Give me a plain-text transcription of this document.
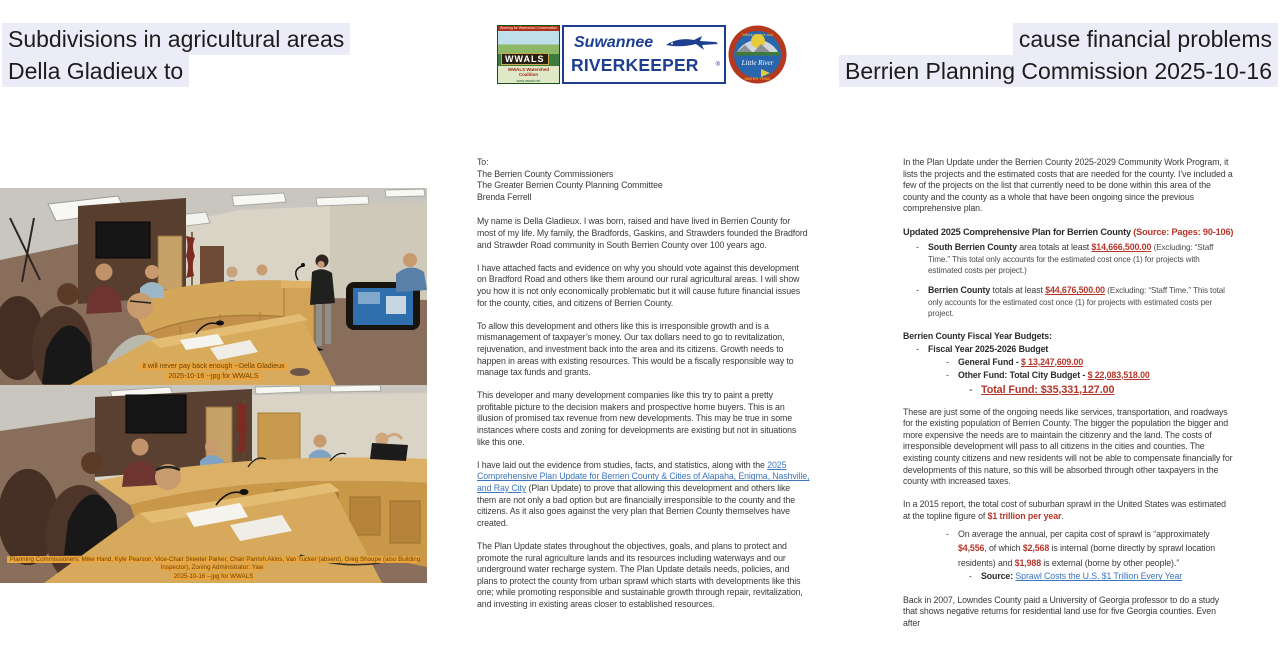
Subdivisions in agricultural areas
Della Gladieux to
cause financial problems
Berrien Planning Commission 2025-10-16
Working for Watershed Conservation
WWALS
WWALS Watershed Coalition
www.wwals.net
Suwannee
RIVERKEEPER	®	Little River
WATER TRAIL
Withlacoochee and
it will never pay back enough --Della Gladieux
2025-10-16 --jpg for WWALS
Planning Commissioners: Mike Hand, Kyle Pearson, Vice-Chair Skeeter Parker, Chair Parrish Akins, Van Tucker (absent), Greg Shoupe (also Building Inspector), Zoning Administrator: Yaw
2025-10-16 --jpg for WWALS
To:
The Berrien County Commissioners
The Greater Berrien County Planning Committee
Brenda Ferrell

My name is Della Gladieux. I was born, raised and have lived in Berrien County for most of my life. My family, the Bradfords, Gaskins, and Strawders founded the Bradford and Strawder Road community in South Berrien County over 100 years ago.

I have attached facts and evidence on why you should vote against this development on Bradford Road and others like them around our rural agricultural areas. I will show you how it is not only economically problematic but it will cause future financial issues for the county, cities, and citizens of Berrien County.

To allow this development and others like this is irresponsible growth and is a mismanagement of taxpayer’s money. Our tax dollars need to go to revitalization, rejuvenation, and investment back into the area and its citizens. Growth needs to happen in areas with existing resources. This would be a fiscally responsible way to manage tax funds and grants.

This developer and many development companies like this try to paint a pretty profitable picture to the decision makers and prospective home buyers. This is an illusion of promised tax revenue from new developments. This may be true in some instances where costs and zoning for developments are existing but not in situations like this one.

I have laid out the evidence from studies, facts, and statistics, along with the 2025 Comprehensive Plan Update for Berrien County & Cities of Alapaha, Enigma, Nashville, and Ray City (Plan Update) to prove that allowing this development and others like them are not only a bad option but are financially irresponsible to the county and the citizens. As it also goes against the very plan that Berrien County themselves have created.

The Plan Update states throughout the objectives, goals, and plans to protect and promote the rural agriculture lands and its resources including waterways and our underground water recharge system. The Plan Update details needs, policies, and plans to protect the county from urban sprawl which starts with developments like this one; while promoting responsible and sustainable growth through repair, revitalization, and investing in existing areas closer to established resources.

In the Plan Update under the Berrien County 2025-2029 Community Work Program, it lists the projects and the estimated costs that are needed for the county. I’ve included a few of the projects on the list that currently need to be done within this area of the county and the county as a whole that have been ongoing since the previous comprehensive plan.

Updated 2025 Comprehensive Plan for Berrien County (Source: Pages: 90-106)
-	South Berrien County area totals at least $14,666,500.00 (Excluding: “Staff Time.” This total only accounts for the estimated cost once (1) for projects with estimated costs per project.)
-	Berrien County totals at least $44,676,500.00 (Excluding: “Staff Time.” This total only accounts for the estimated cost once (1) for projects with estimated costs per project.
Berrien County Fiscal Year Budgets:
-	Fiscal Year 2025-2026 Budget
-	General Fund - $ 13,247,609.00
-	Other Fund: Total City Budget - $ 22,083,518.00
- Total Fund: $35,331,127.00

These are just some of the ongoing needs like services, transportation, and roadways for the existing population of Berrien County. The bigger the population the bigger and more expensive the needs are to maintain the citizenry and the land. The costs of irresponsible development will pass to all citizens in the cities and counties. The existing county citizens and new residents will not be able to compensate financially for developments of this nature, so this will be absorbed through other taxpayers in the county with increased taxes.

In a 2015 report, the total cost of suburban sprawl in the United States was estimated at the topline figure of $1 trillion per year.

-	On average the annual, per capita cost of sprawl is “approximately $4,556, of which $2,568 is internal (borne directly by sprawl location residents) and $1,988 is external (borne by other people).”
-	Source: Sprawl Costs the U.S. $1 Trillion Every Year

Back in 2007, Lowndes County paid a University of Georgia professor to do a study that shows negative returns for residential land use for five Georgia counties. Even after
